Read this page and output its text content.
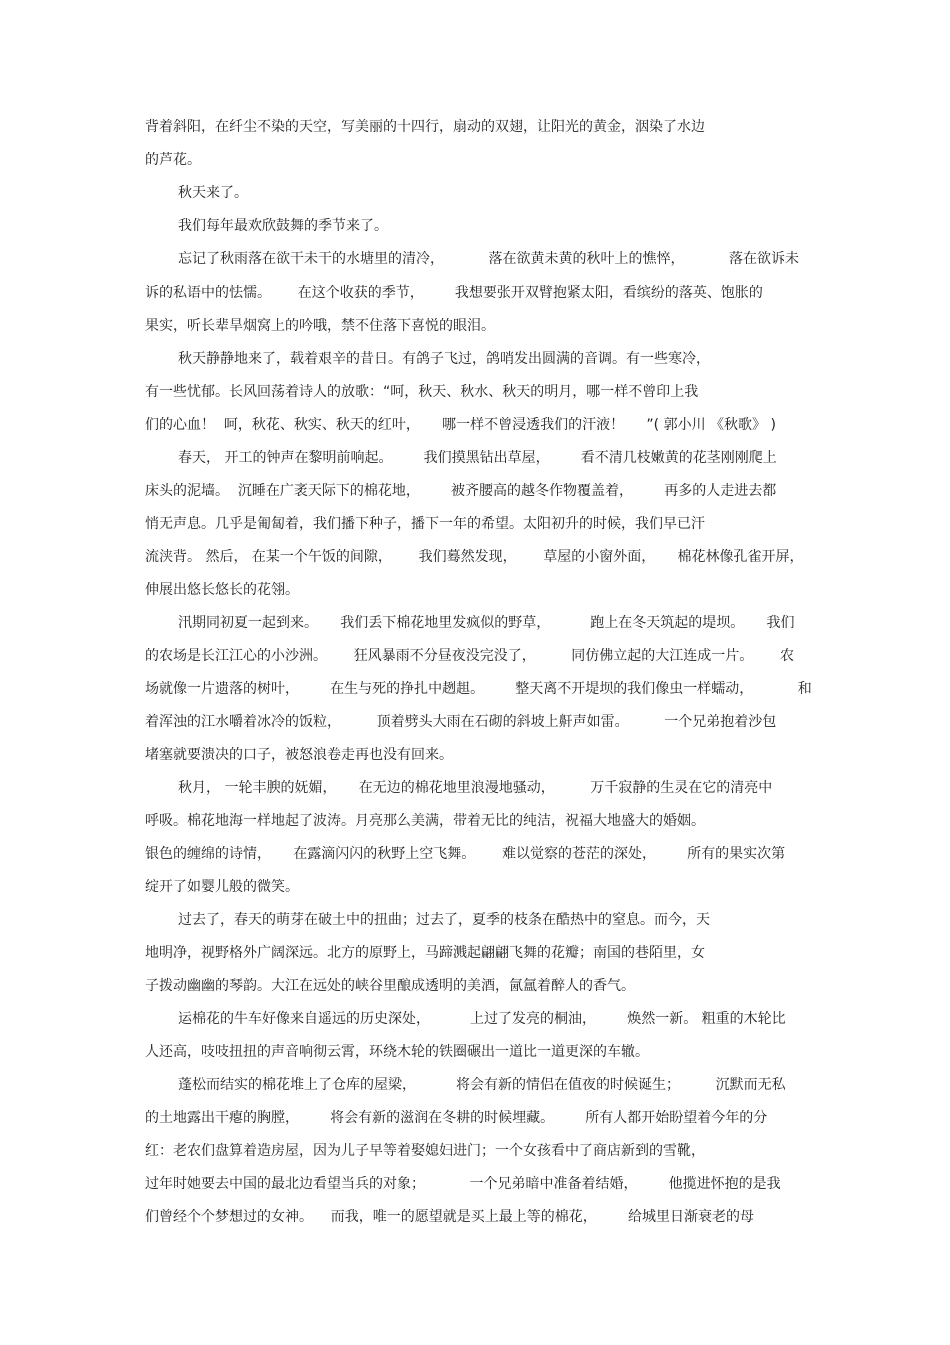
背着斜阳，在纤尘不染的天空，写美丽的十四行，扇动的双翅，让阳光的黄金，洇染了水边
的芦花。
秋天来了。
我们每年最欢欣鼓舞的季节来了。
忘记了秋雨落在欲干未干的水塘里的清冷，          落在欲黄未黄的秋叶上的憔悴，          落在欲诉未
诉的私语中的怯懦。      在这个收获的季节，       我想要张开双臂抱紧太阳，看缤纷的落英、饱胀的
果实，听长辈旱烟窝上的吟哦，禁不住落下喜悦的眼泪。
秋天静静地来了，载着艰辛的昔日。有鸽子飞过，鸽哨发出圆满的音调。有一些寒冷，
有一些忧郁。长风回荡着诗人的放歌：“呵，秋天、秋水、秋天的明月，哪一样不曾印上我
们的心血！  呵，秋花、秋实、秋天的红叶，     哪一样不曾浸透我们的汗液！     ”( 郭小川 《秋歌》 )
春天， 开工的钟声在黎明前响起。       我们摸黑钻出草屋，       看不清几枝嫩黄的花茎刚刚爬上
床头的泥墙。  沉睡在广袤天际下的棉花地，       被齐腰高的越冬作物覆盖着，       再多的人走进去都
悄无声息。几乎是匍匐着，我们播下种子，播下一年的希望。太阳初升的时候，我们早已汗
流浃背。 然后， 在某一个午饭的间隙，      我们蓦然发现，      草屋的小窗外面，     棉花林像孔雀开屏，
伸展出悠长悠长的花翎。
汛期同初夏一起到来。     我们丢下棉花地里发疯似的野草，         跑上在冬天筑起的堤坝。     我们
的农场是长江江心的小沙洲。      狂风暴雨不分昼夜没完没了，        同仿佛立起的大江连成一片。      农
场就像一片遗落的树叶，       在生与死的挣扎中趔趄。       整天离不开堤坝的我们像虫一样蠕动，          和
着浑浊的江水嚼着冰冷的饭粒，        顶着劈头大雨在石砌的斜坡上鼾声如雷。        一个兄弟抱着沙包
堵塞就要溃决的口子，被怒浪卷走再也没有回来。
秋月， 一轮丰腴的妩媚，     在无边的棉花地里浪漫地骚动，        万千寂静的生灵在它的清亮中
呼吸。棉花地海一样地起了波涛。月亮那么美满，带着无比的纯洁，祝福大地盛大的婚姻。
银色的缠绵的诗情，     在露滴闪闪的秋野上空飞舞。      难以觉察的苍茫的深处，       所有的果实次第
绽开了如婴儿般的微笑。
过去了，春天的萌芽在破土中的扭曲；过去了，夏季的枝条在酷热中的窒息。而今，天
地明净，视野格外广阔深远。北方的原野上，马蹄溅起翩翩飞舞的花瓣；南国的巷陌里，女
子拨动幽幽的琴韵。大江在远处的峡谷里酿成透明的美酒，氤氲着醉人的香气。
运棉花的牛车好像来自遥远的历史深处，         上过了发亮的桐油，       焕然一新。 粗重的木轮比
人还高，吱吱扭扭的声音响彻云霄，环绕木轮的铁圈碾出一道比一道更深的车辙。
蓬松而结实的棉花堆上了仓库的屋梁，         将会有新的情侣在值夜的时候诞生；        沉默而无私
的土地露出干瘪的胸膛，       将会有新的滋润在冬耕的时候埋藏。       所有人都开始盼望着今年的分
红：老农们盘算着造房屋，因为儿子早等着娶媳妇进门；一个女孩看中了商店新到的雪靴，
过年时她要去中国的最北边看望当兵的对象；          一个兄弟暗中准备着结婚，       他揽进怀抱的是我
们曾经个个梦想过的女神。    而我，唯一的愿望就是买上最上等的棉花，       给城里日渐衰老的母
